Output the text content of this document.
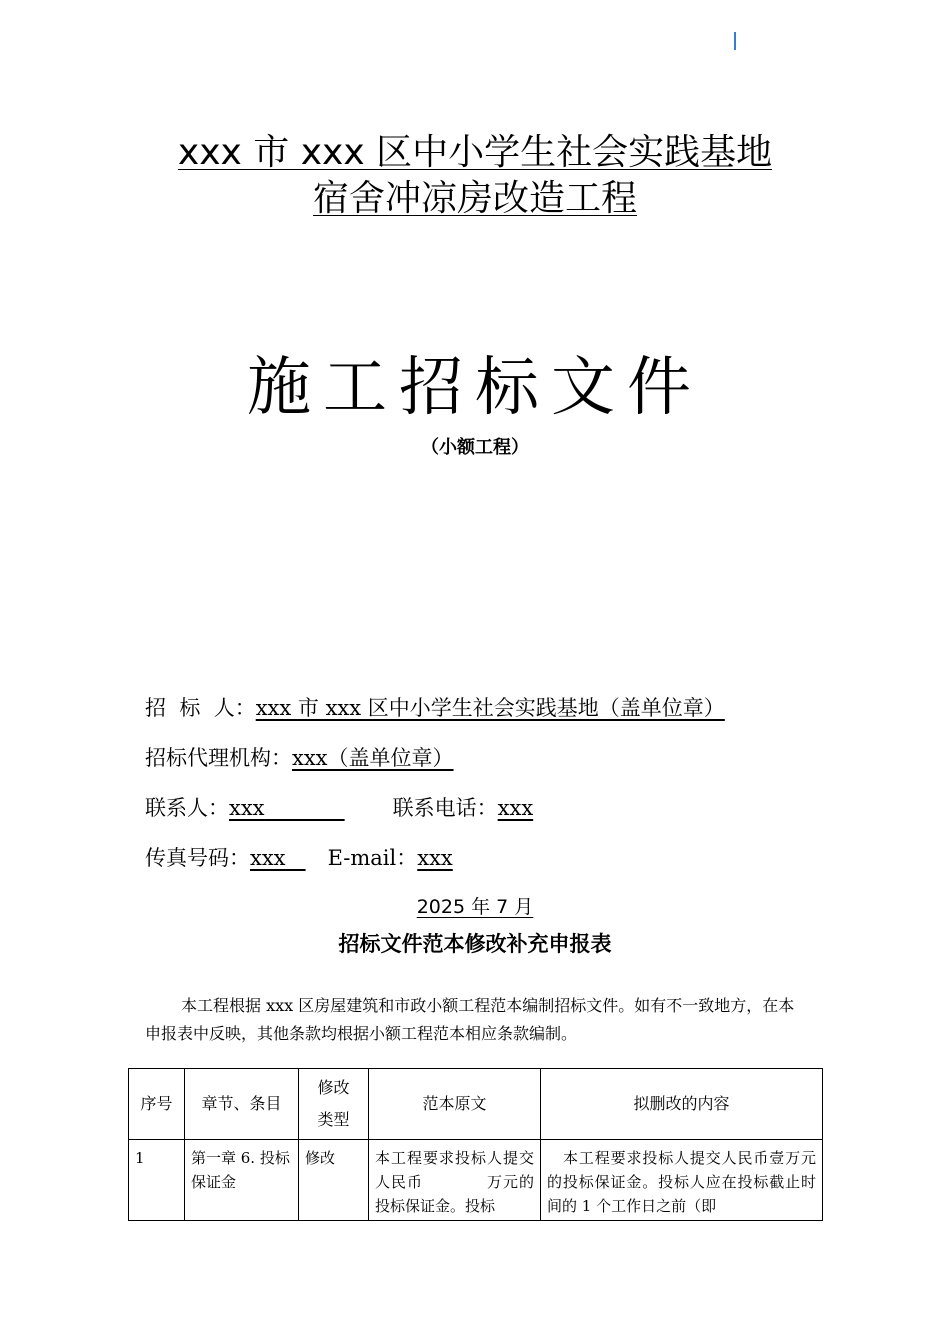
xxx 市 xxx 区中小学生社会实践基地
宿舍冲凉房改造工程
施工招标文件
（小额工程）
招  标  人：xxx 市 xxx 区中小学生社会实践基地（盖单位章）
招标代理机构：xxx（盖单位章）
联系人：xxx	联系电话：xxx
传真号码：xxx E-mail：xxx
2025 年 7 月
招标文件范本修改补充申报表
本工程根据 xxx 区房屋建筑和市政小额工程范本编制招标文件。如有不一致地方，在本申报表中反映，其他条款均根据小额工程范本相应条款编制。
序号	章节、条目	修改类型	范本原文	拟删改的内容
1	第一章 6. 投标保证金	修改	本工程要求投标人提交人民币　　　　万元的投标保证金。投标	本工程要求投标人提交人民币壹万元的投标保证金。投标人应在投标截止时间的 1 个工作日之前（即
